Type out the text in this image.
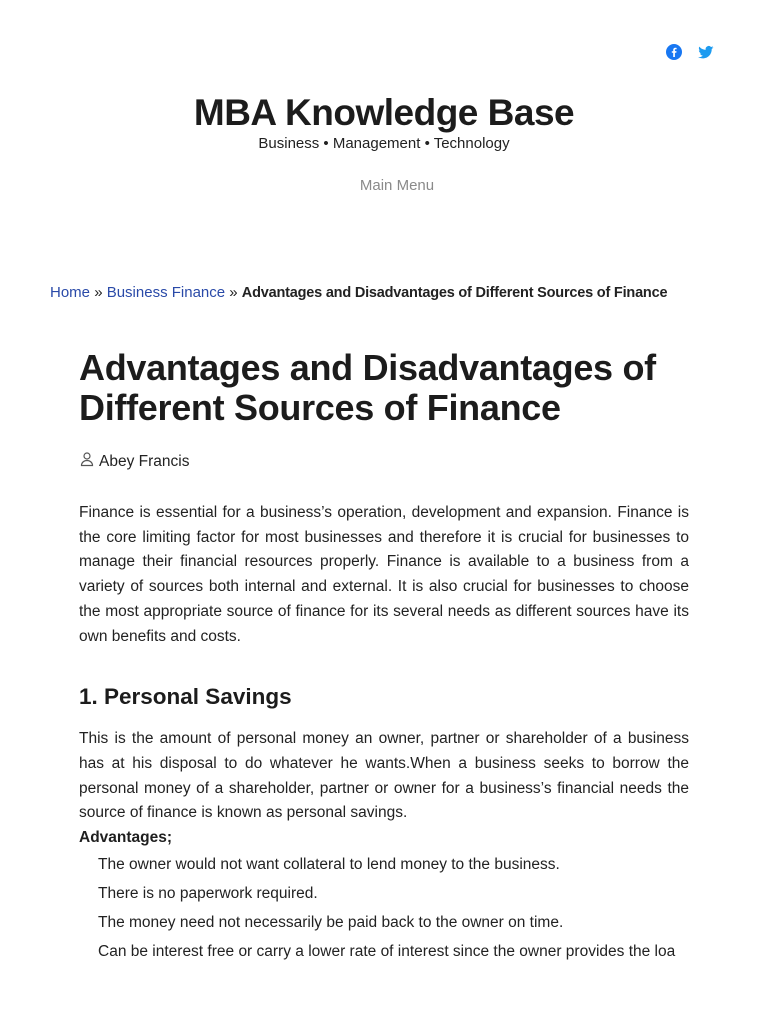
MBA Knowledge Base
Business • Management • Technology
Main Menu
Home » Business Finance » Advantages and Disadvantages of Different Sources of Finance
Advantages and Disadvantages of Different Sources of Finance
Abey Francis

Finance is essential for a business’s operation, development and expansion. Finance is the core limiting factor for most businesses and therefore it is crucial for businesses to manage their financial resources properly. Finance is available to a business from a variety of sources both internal and external. It is also crucial for businesses to choose the most appropriate source of finance for its several needs as different sources have its own benefits and costs.

1. Personal Savings

This is the amount of personal money an owner, partner or shareholder of a business has at his disposal to do whatever he wants.When a business seeks to borrow the personal money of a shareholder, partner or owner for a business’s financial needs the source of finance is known as personal savings.

Advantages;
• The owner would not want collateral to lend money to the business.
• There is no paperwork required.
• The money need not necessarily be paid back to the owner on time.
• Can be interest free or carry a lower rate of interest since the owner provides the loa
